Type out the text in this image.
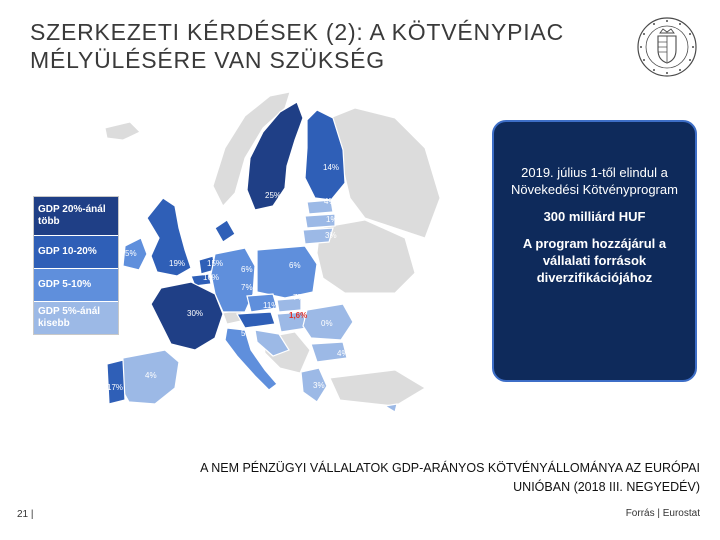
SZERKEZETI KÉRDÉSEK (2): A KÖTVÉNYPIAC
MÉLYÜLÉSÉRE VAN SZÜKSÉG
GDP 20%-ánál több
GDP 10-20%
GDP 5-10%
GDP 5%-ánál kisebb
14%
25%
4%
1%
3%
5%
19%	15%
16%
6%	6%
7%
7%
11%
1,6%
30%
5%
0%
4%
4%
17%	3%

2019. július 1-től elindul a Növekedési Kötvényprogram

300 milliárd HUF

A program hozzájárul a vállalati források diverzifikációjához

A NEM PÉNZÜGYI VÁLLALATOK GDP-ARÁNYOS KÖTVÉNYÁLLOMÁNYA AZ EURÓPAI
UNIÓBAN (2018 III. NEGYEDÉV)
21 |	Forrás | Eurostat
